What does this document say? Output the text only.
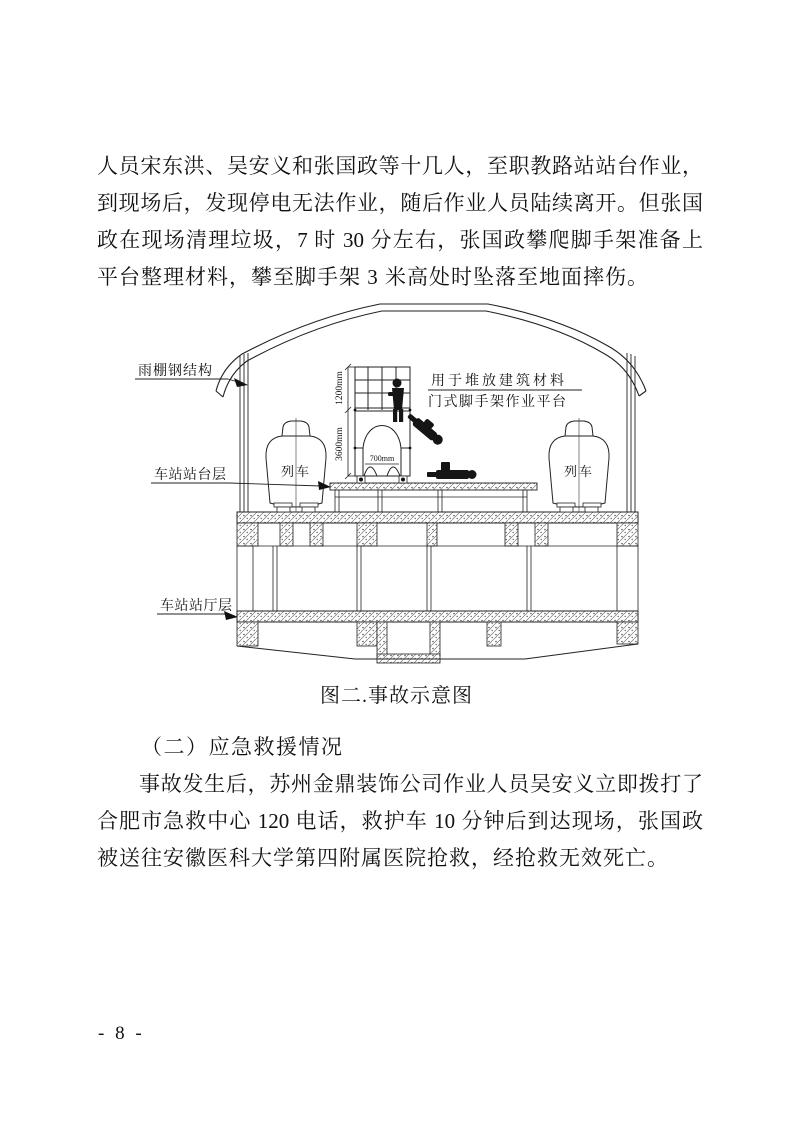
人员宋东洪、吴安义和张国政等十几人，至职教路站站台作业，
到现场后，发现停电无法作业，随后作业人员陆续离开。但张国
政在现场清理垃圾，7 时 30 分左右，张国政攀爬脚手架准备上
平台整理材料，攀至脚手架 3 米高处时坠落至地面摔伤。
列车	列车
1200mm
3600mm	700mm
雨棚钢结构
车站站台层
车站站厅层
用于堆放建筑材料
门式脚手架作业平台
图二.事故示意图
（二）应急救援情况
事故发生后，苏州金鼎装饰公司作业人员吴安义立即拨打了
合肥市急救中心 120 电话，救护车 10 分钟后到达现场，张国政
被送往安徽医科大学第四附属医院抢救，经抢救无效死亡。
- 8 -
